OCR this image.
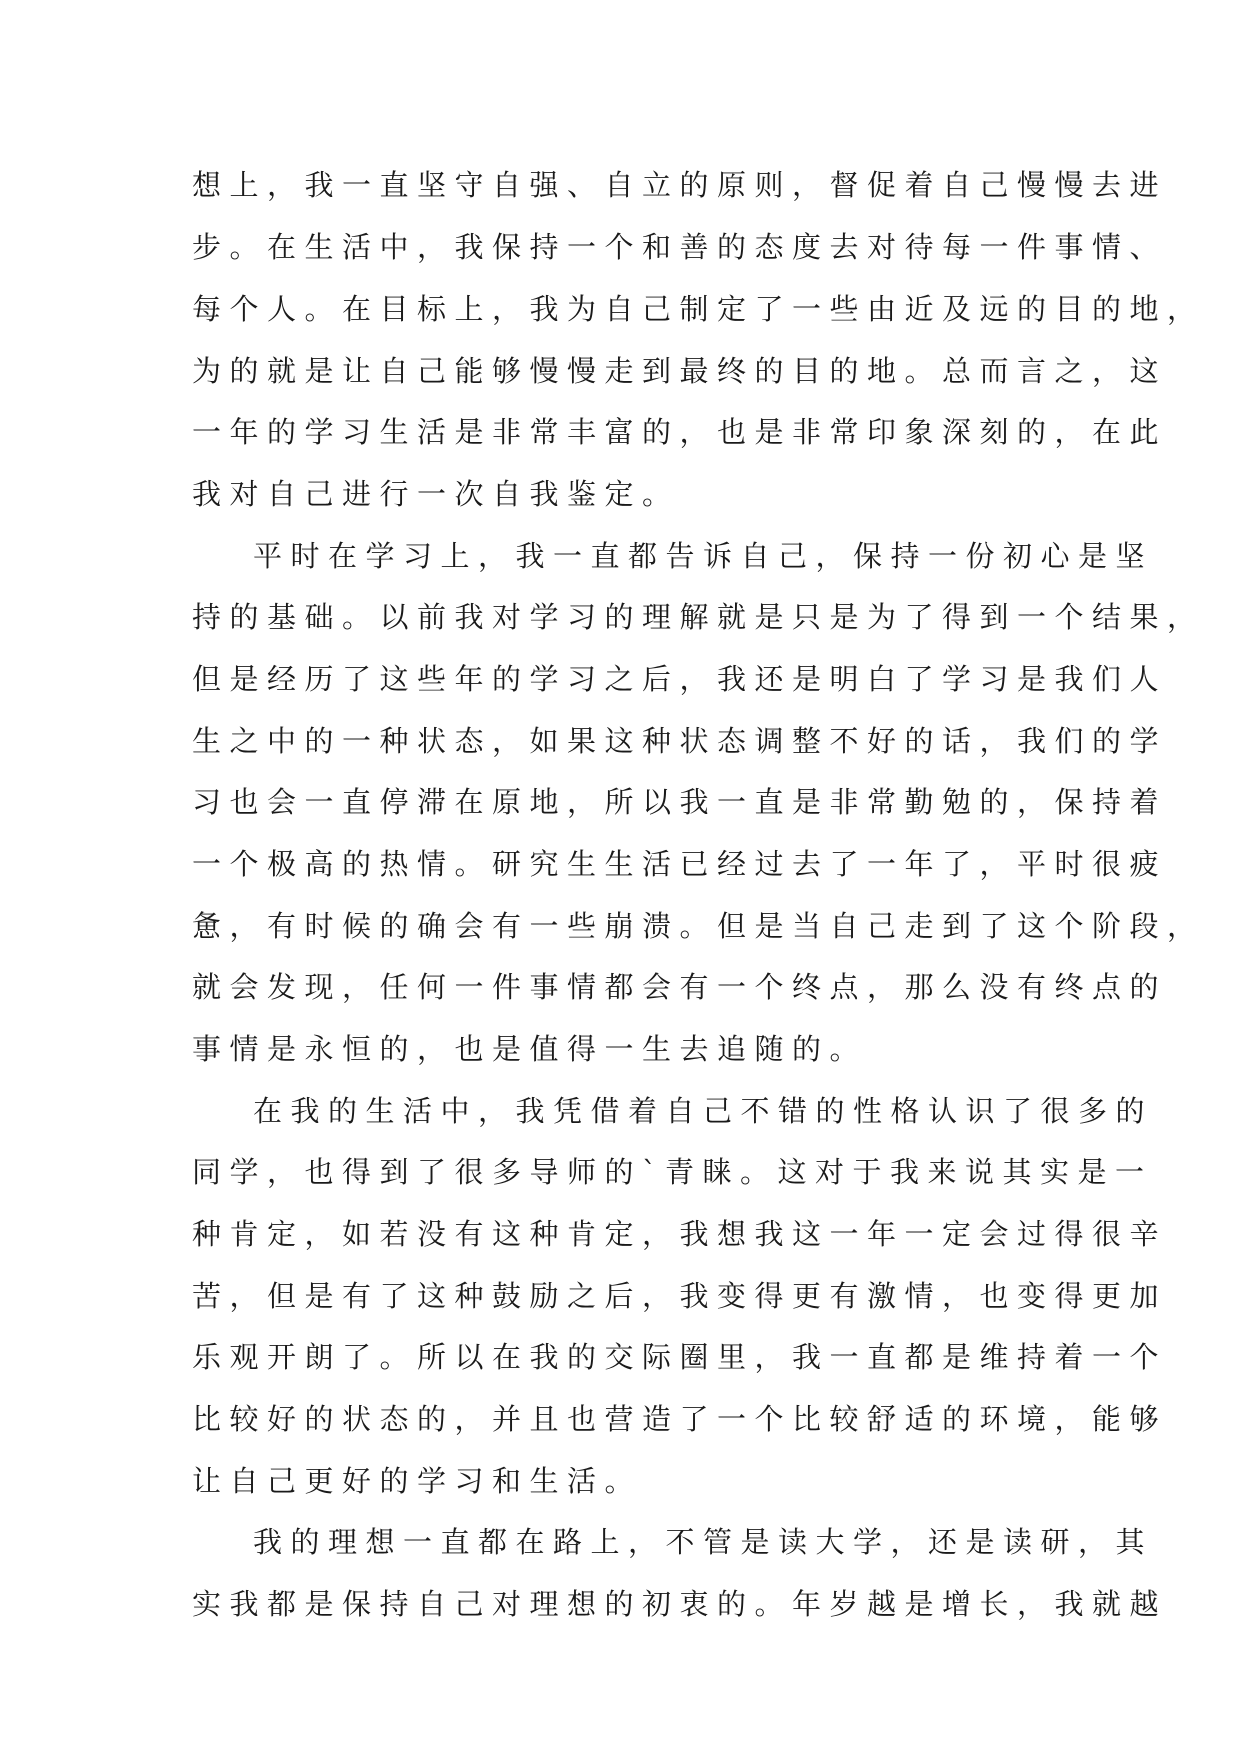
想上，我一直坚守自强、自立的原则，督促着自己慢慢去进
步。在生活中，我保持一个和善的态度去对待每一件事情、
每个人。在目标上，我为自己制定了一些由近及远的目的地，
为的就是让自己能够慢慢走到最终的目的地。总而言之，这
一年的学习生活是非常丰富的，也是非常印象深刻的，在此
我对自己进行一次自我鉴定。
平时在学习上，我一直都告诉自己，保持一份初心是坚
持的基础。以前我对学习的理解就是只是为了得到一个结果，
但是经历了这些年的学习之后，我还是明白了学习是我们人
生之中的一种状态，如果这种状态调整不好的话，我们的学
习也会一直停滞在原地，所以我一直是非常勤勉的，保持着
一个极高的热情。研究生生活已经过去了一年了，平时很疲
惫，有时候的确会有一些崩溃。但是当自己走到了这个阶段，
就会发现，任何一件事情都会有一个终点，那么没有终点的
事情是永恒的，也是值得一生去追随的。
在我的生活中，我凭借着自己不错的性格认识了很多的
同学，也得到了很多导师的`青睐。这对于我来说其实是一
种肯定，如若没有这种肯定，我想我这一年一定会过得很辛
苦，但是有了这种鼓励之后，我变得更有激情，也变得更加
乐观开朗了。所以在我的交际圈里，我一直都是维持着一个
比较好的状态的，并且也营造了一个比较舒适的环境，能够
让自己更好的学习和生活。
我的理想一直都在路上，不管是读大学，还是读研，其
实我都是保持自己对理想的初衷的。年岁越是增长，我就越
